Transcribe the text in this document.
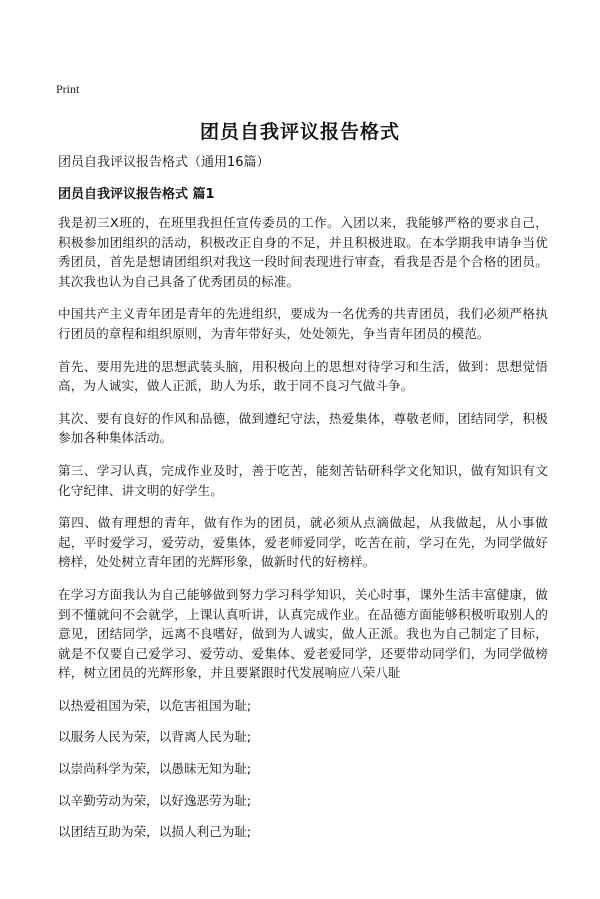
Print
团员自我评议报告格式

团员自我评议报告格式（通用16篇）

团员自我评议报告格式 篇1

我是初三X班的，在班里我担任宣传委员的工作。入团以来，我能够严格的要求自己，积极参加团组织的活动，积极改正自身的不足，并且积极进取。在本学期我申请争当优秀团员，首先是想请团组织对我这一段时间表现进行审查，看我是否是个合格的团员。其次我也认为自己具备了优秀团员的标准。

中国共产主义青年团是青年的先进组织，要成为一名优秀的共青团员，我们必须严格执行团员的章程和组织原则，为青年带好头，处处领先，争当青年团员的模范。

首先、要用先进的思想武装头脑，用积极向上的思想对待学习和生活，做到：思想觉悟高，为人诚实，做人正派，助人为乐，敢于同不良习气做斗争。

其次、要有良好的作风和品德，做到遵纪守法，热爱集体，尊敬老师，团结同学，积极参加各种集体活动。

第三、学习认真，完成作业及时，善于吃苦，能刻苦钻研科学文化知识，做有知识有文化守纪律、讲文明的好学生。

第四、做有理想的青年，做有作为的团员，就必须从点滴做起，从我做起，从小事做起，平时爱学习，爱劳动，爱集体，爱老师爱同学，吃苦在前，学习在先，为同学做好榜样，处处树立青年团的光辉形象，做新时代的好榜样。

在学习方面我认为自己能够做到努力学习科学知识，关心时事，课外生活丰富健康，做到不懂就问不会就学，上课认真听讲，认真完成作业。在品德方面能够积极听取别人的意见，团结同学，远离不良嗜好，做到为人诚实，做人正派。我也为自己制定了目标，就是不仅要自己爱学习、爱劳动、爱集体、爱老爱同学，还要带动同学们，为同学做榜样，树立团员的光辉形象，并且要紧跟时代发展响应八荣八耻

以热爱祖国为荣，以危害祖国为耻;
以服务人民为荣，以背离人民为耻;
以崇尚科学为荣，以愚昧无知为耻;
以辛勤劳动为荣，以好逸恶劳为耻;
以团结互助为荣，以损人利己为耻;
